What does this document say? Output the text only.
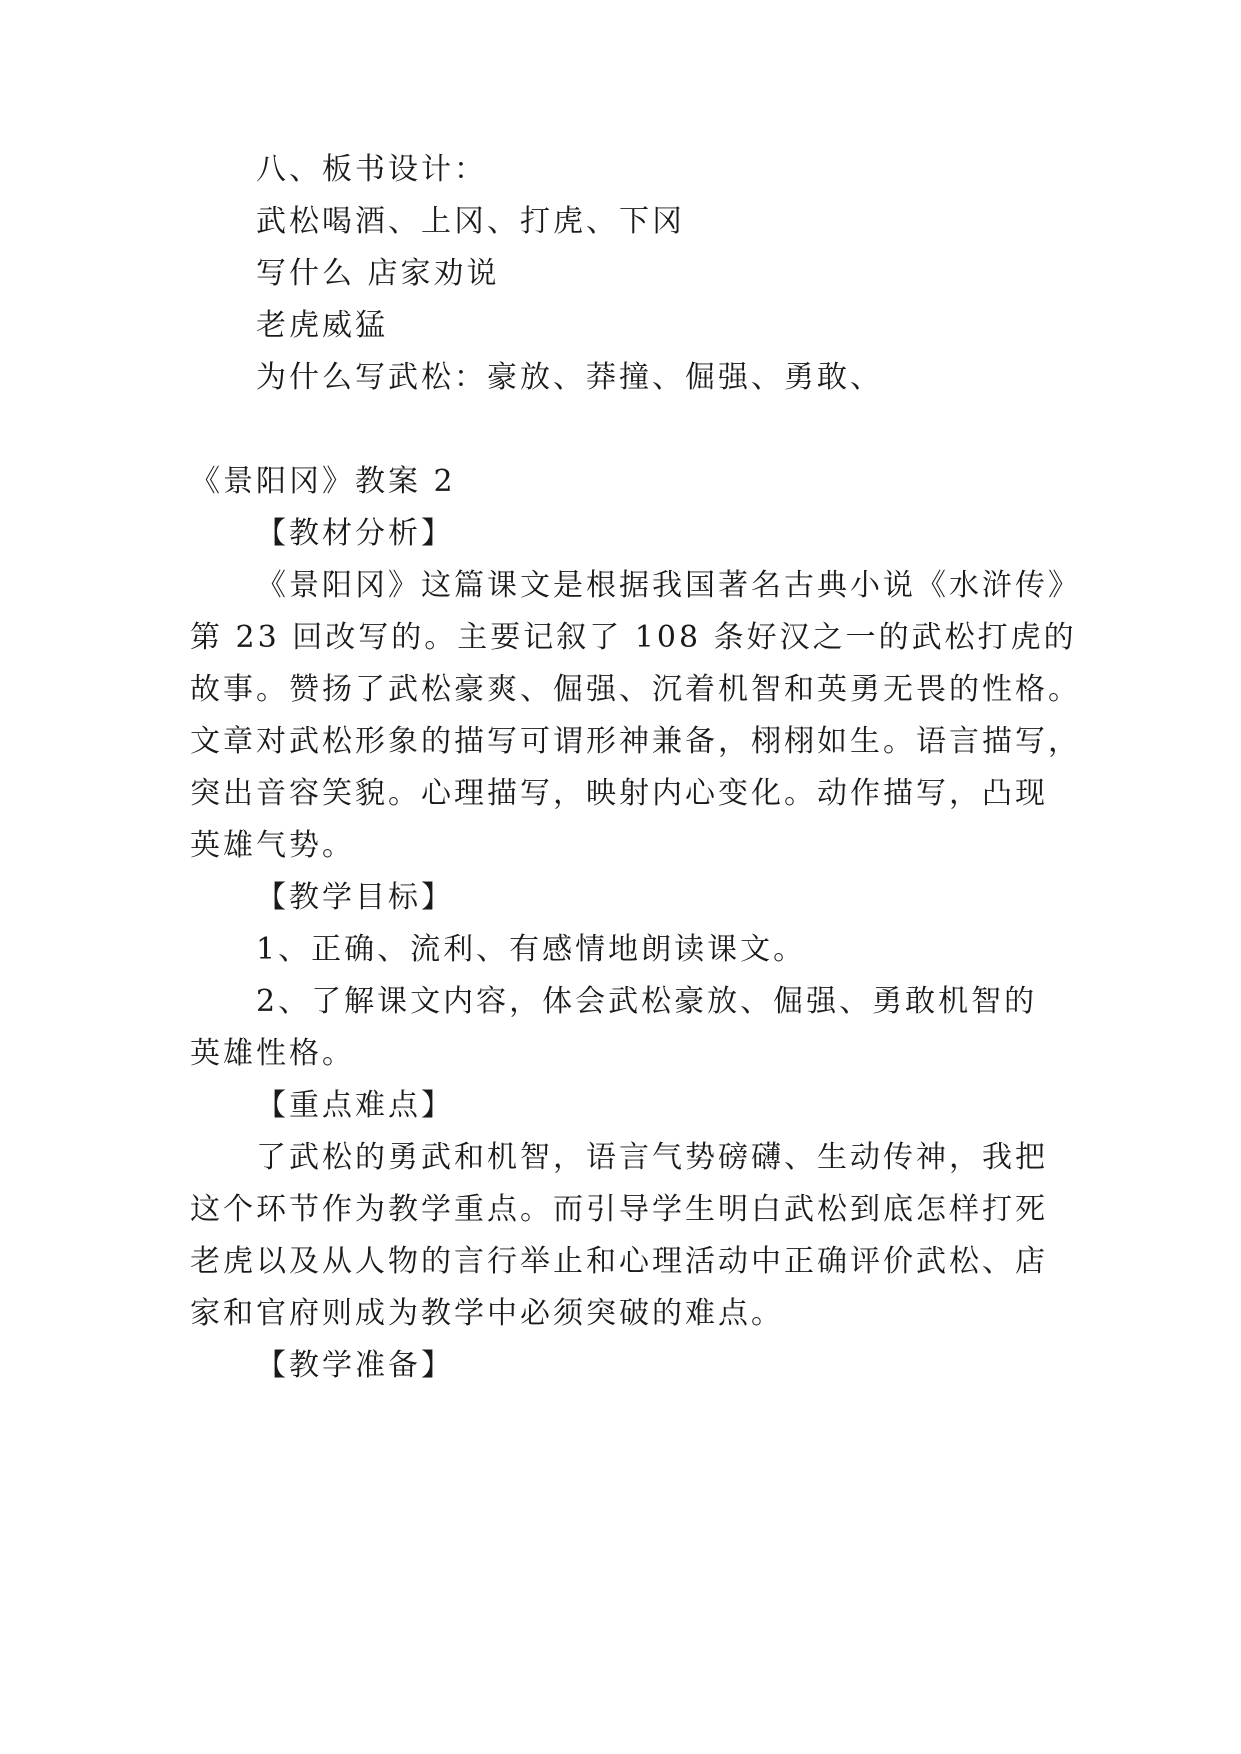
八、板书设计：
武松喝酒、上冈、打虎、下冈
写什么 店家劝说
老虎威猛
为什么写武松：豪放、莽撞、倔强、勇敢、
《景阳冈》教案 2
【教材分析】
《景阳冈》这篇课文是根据我国著名古典小说《水浒传》
第 23 回改写的。主要记叙了 108 条好汉之一的武松打虎的
故事。赞扬了武松豪爽、倔强、沉着机智和英勇无畏的性格。
文章对武松形象的描写可谓形神兼备，栩栩如生。语言描写，
突出音容笑貌。心理描写，映射内心变化。动作描写，凸现
英雄气势。
【教学目标】
1、正确、流利、有感情地朗读课文。
2、了解课文内容，体会武松豪放、倔强、勇敢机智的
英雄性格。
【重点难点】
了武松的勇武和机智，语言气势磅礴、生动传神，我把
这个环节作为教学重点。而引导学生明白武松到底怎样打死
老虎以及从人物的言行举止和心理活动中正确评价武松、店
家和官府则成为教学中必须突破的难点。
【教学准备】
